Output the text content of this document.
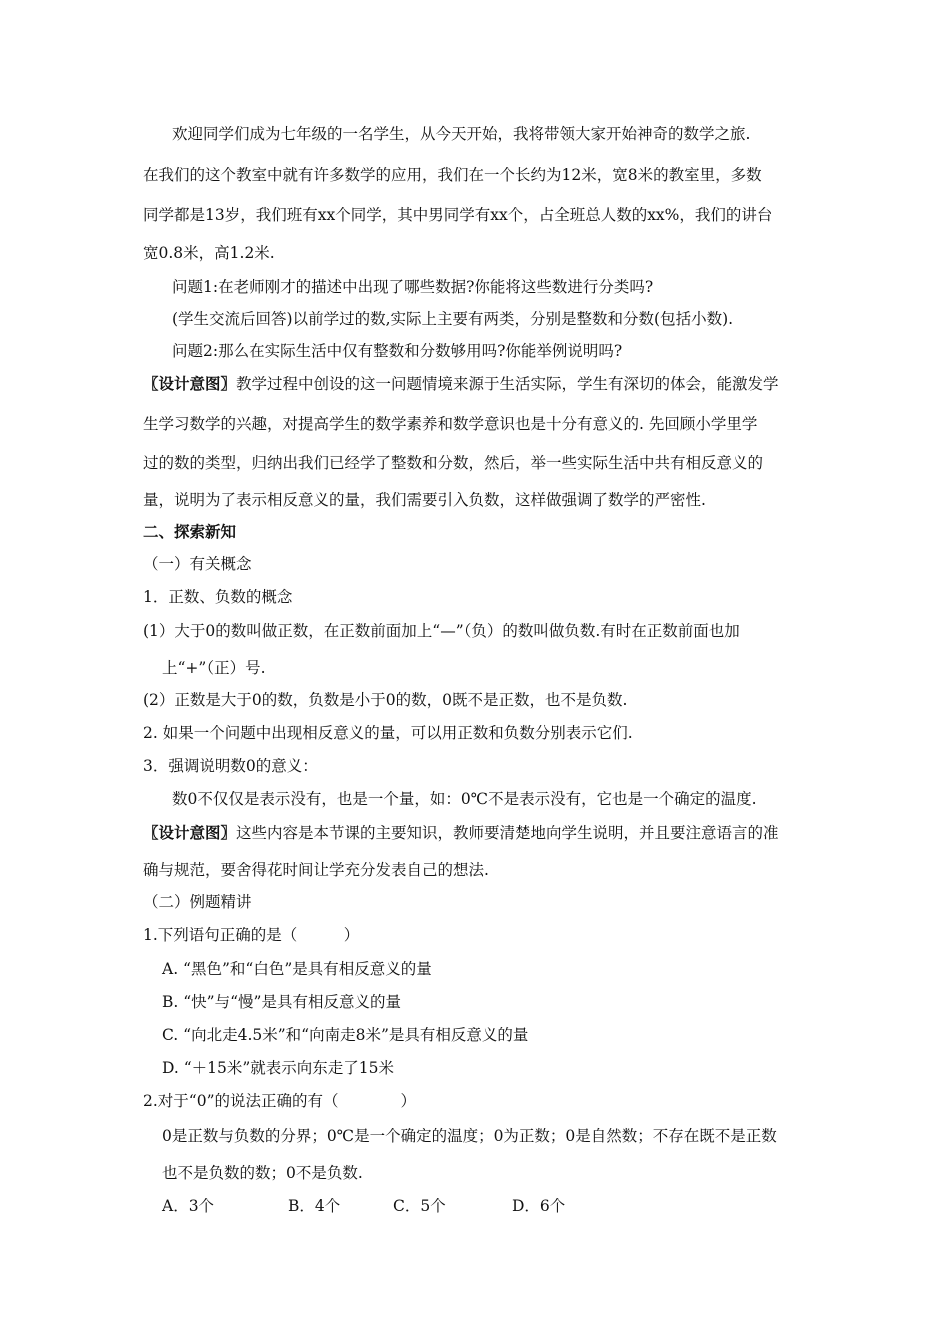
欢迎同学们成为七年级的一名学生，从今天开始，我将带领大家开始神奇的数学之旅.
在我们的这个教室中就有许多数学的应用，我们在一个长约为12米，宽8米的教室里，多数
同学都是13岁，我们班有xx个同学，其中男同学有xx个，占全班总人数的xx%，我们的讲台
宽0.8米，高1.2米.
问题1:在老师刚才的描述中出现了哪些数据?你能将这些数进行分类吗?
(学生交流后回答)以前学过的数,实际上主要有两类，分别是整数和分数(包括小数).
问题2:那么在实际生活中仅有整数和分数够用吗?你能举例说明吗?
〖设计意图〗教学过程中创设的这一问题情境来源于生活实际，学生有深切的体会，能激发学
生学习数学的兴趣，对提高学生的数学素养和数学意识也是十分有意义的. 先回顾小学里学
过的数的类型，归纳出我们已经学了整数和分数，然后，举一些实际生活中共有相反意义的
量，说明为了表示相反意义的量，我们需要引入负数，这样做强调了数学的严密性.
二、探索新知
（一）有关概念
1．正数、负数的概念
(1）大于0的数叫做正数，在正数前面加上“—”（负）的数叫做负数.有时在正数前面也加
上“+”（正）号.
(2）正数是大于0的数，负数是小于0的数，0既不是正数，也不是负数.
2. 如果一个问题中出现相反意义的量，可以用正数和负数分别表示它们.
3．强调说明数0的意义：
数0不仅仅是表示没有，也是一个量，如：0℃不是表示没有，它也是一个确定的温度.
〖设计意图〗这些内容是本节课的主要知识，教师要清楚地向学生说明，并且要注意语言的准
确与规范，要舍得花时间让学充分发表自己的想法.
（二）例题精讲
1.下列语句正确的是（　　　）
A. “黑色”和“白色”是具有相反意义的量
B. “快”与“慢”是具有相反意义的量
C. “向北走4.5米”和“向南走8米”是具有相反意义的量
D. “＋15米”就表示向东走了15米
2.对于“0”的说法正确的有（　　　　）
0是正数与负数的分界；0℃是一个确定的温度；0为正数；0是自然数；不存在既不是正数
也不是负数的数；0不是负数.
A．3个	B．4个	C．5个	D．6个
